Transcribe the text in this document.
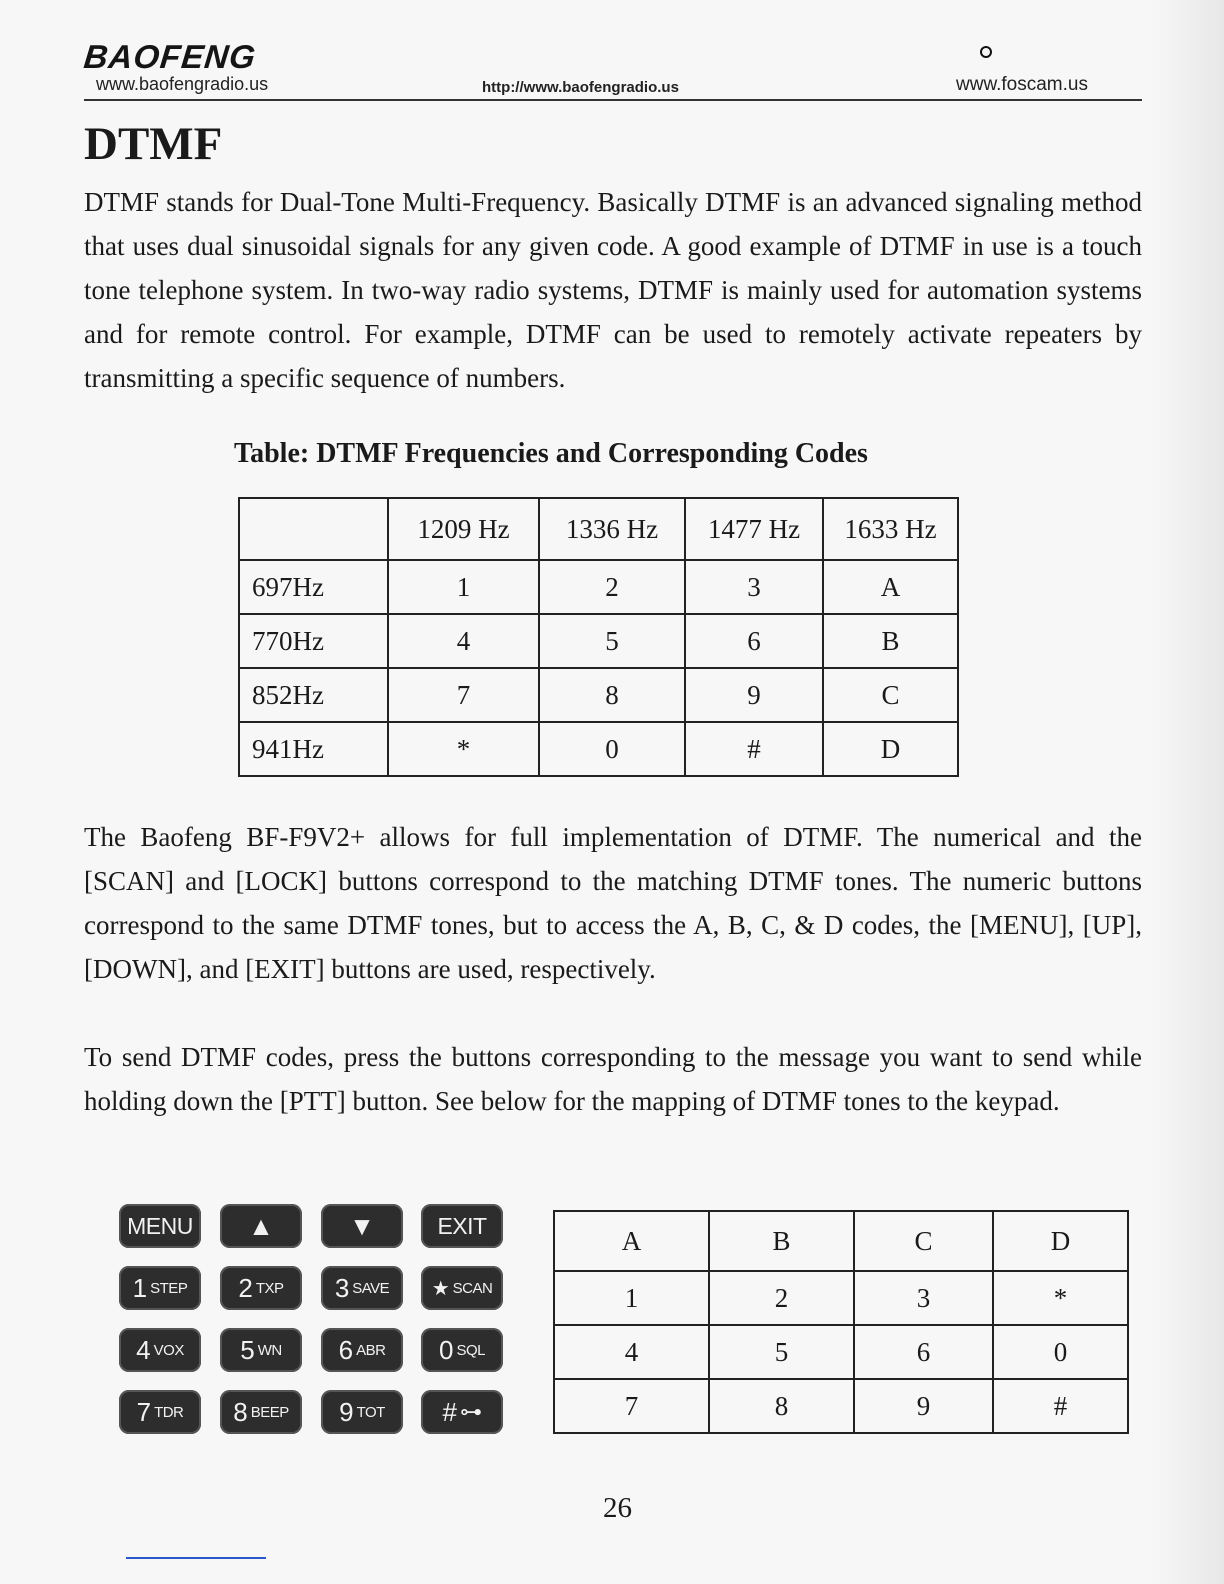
BAOFENG
www.baofengradio.us	http://www.baofengradio.us	www.foscam.us
DTMF

DTMF stands for Dual-Tone Multi-Frequency. Basically DTMF is an advanced signaling method that uses dual sinusoidal signals for any given code. A good example of DTMF in use is a touch tone telephone system. In two-way radio systems, DTMF is mainly used for automation systems and for remote control. For example, DTMF can be used to remotely activate repeaters by transmitting a specific sequence of numbers.

Table: DTMF Frequencies and Corresponding Codes
	1209 Hz	1336 Hz	1477 Hz	1633 Hz
697Hz	1	2	3	A
770Hz	4	5	6	B
852Hz	7	8	9	C
941Hz	*	0	#	D

The Baofeng BF-F9V2+ allows for full implementation of DTMF. The numerical and the [SCAN] and [LOCK] buttons correspond to the matching DTMF tones. The numeric buttons correspond to the same DTMF tones, but to access the A, B, C, & D codes, the [MENU], [UP], [DOWN], and [EXIT] buttons are used, respectively.

To send DTMF codes, press the buttons corresponding to the message you want to send while holding down the [PTT] button. See below for the mapping of DTMF tones to the keypad.

MENU ▲	▼	EXIT
1 STEP 2 TXP 3 SAVE ★ SCAN
4 VOX 5 WN 6 ABR 0 SQL
7 TDR 8 BEEP 9 TOT # ⊶
A	B	C	D
1	2	3	*
4	5	6	0
7	8	9	#
26
